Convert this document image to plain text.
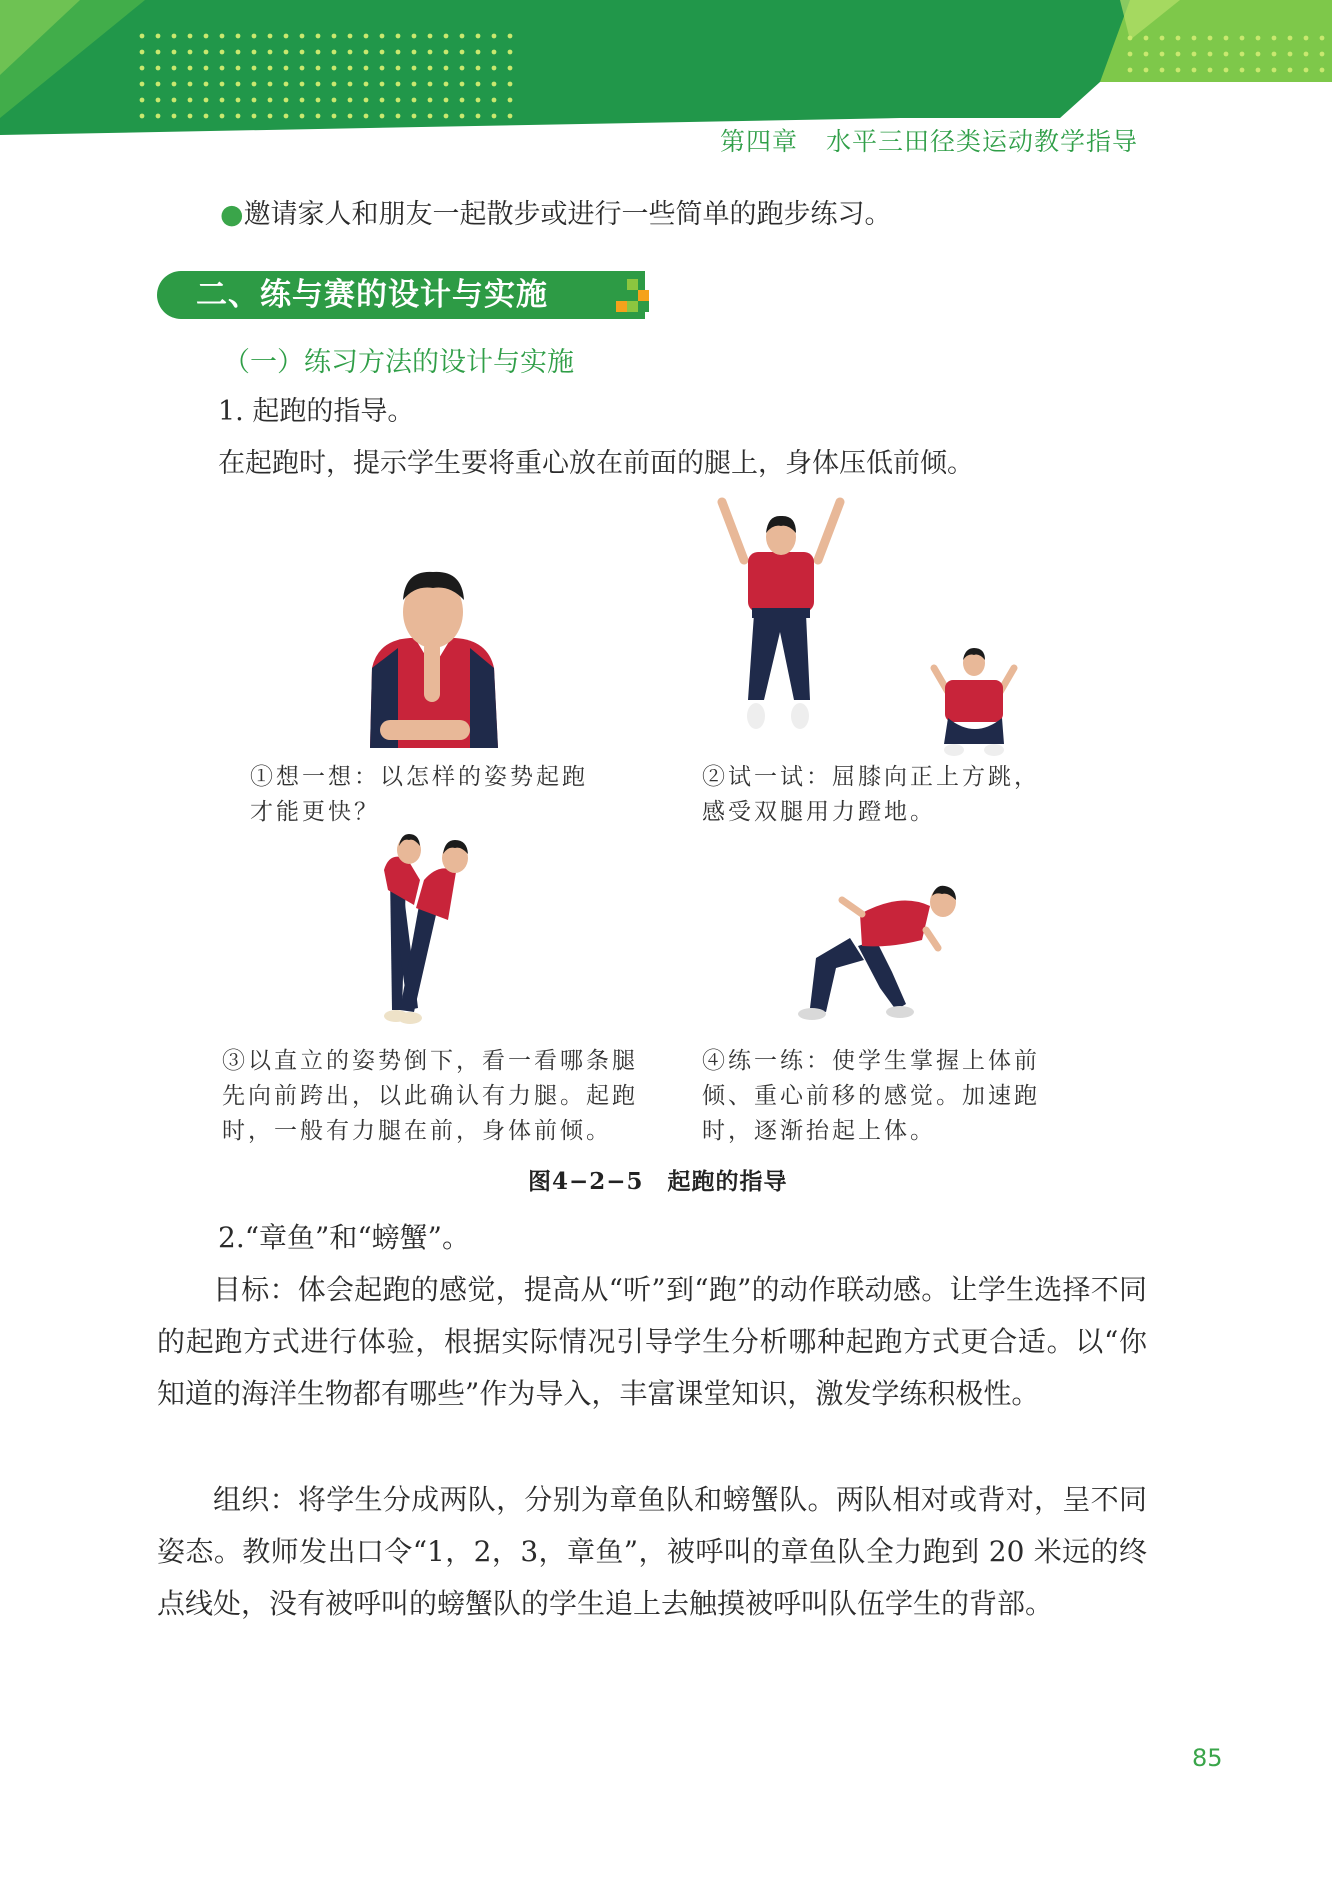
第四章 水平三田径类运动教学指导
●邀请家人和朋友一起散步或进行一些简单的跑步练习。
二、练与赛的设计与实施
（一）练习方法的设计与实施
1. 起跑的指导。
在起跑时，提示学生要将重心放在前面的腿上，身体压低前倾。
①想一想：以怎样的姿势起跑
才能更快？
②试一试：屈膝向正上方跳，
感受双腿用力蹬地。
③以直立的姿势倒下，看一看哪条腿
先向前跨出，以此确认有力腿。起跑
时，一般有力腿在前，身体前倾。
④练一练：使学生掌握上体前
倾、重心前移的感觉。加速跑
时，逐渐抬起上体。
图4−2−5　起跑的指导
2.“章鱼”和“螃蟹”。
目标：体会起跑的感觉，提高从“听”到“跑”的动作联动感。让学生选择不同的起跑方式进行体验，根据实际情况引导学生分析哪种起跑方式更合适。以“你知道的海洋生物都有哪些”作为导入，丰富课堂知识，激发学练积极性。
组织：将学生分成两队，分别为章鱼队和螃蟹队。两队相对或背对，呈不同姿态。教师发出口令“1，2，3，章鱼”，被呼叫的章鱼队全力跑到 20 米远的终点线处，没有被呼叫的螃蟹队的学生追上去触摸被呼叫队伍学生的背部。
85
